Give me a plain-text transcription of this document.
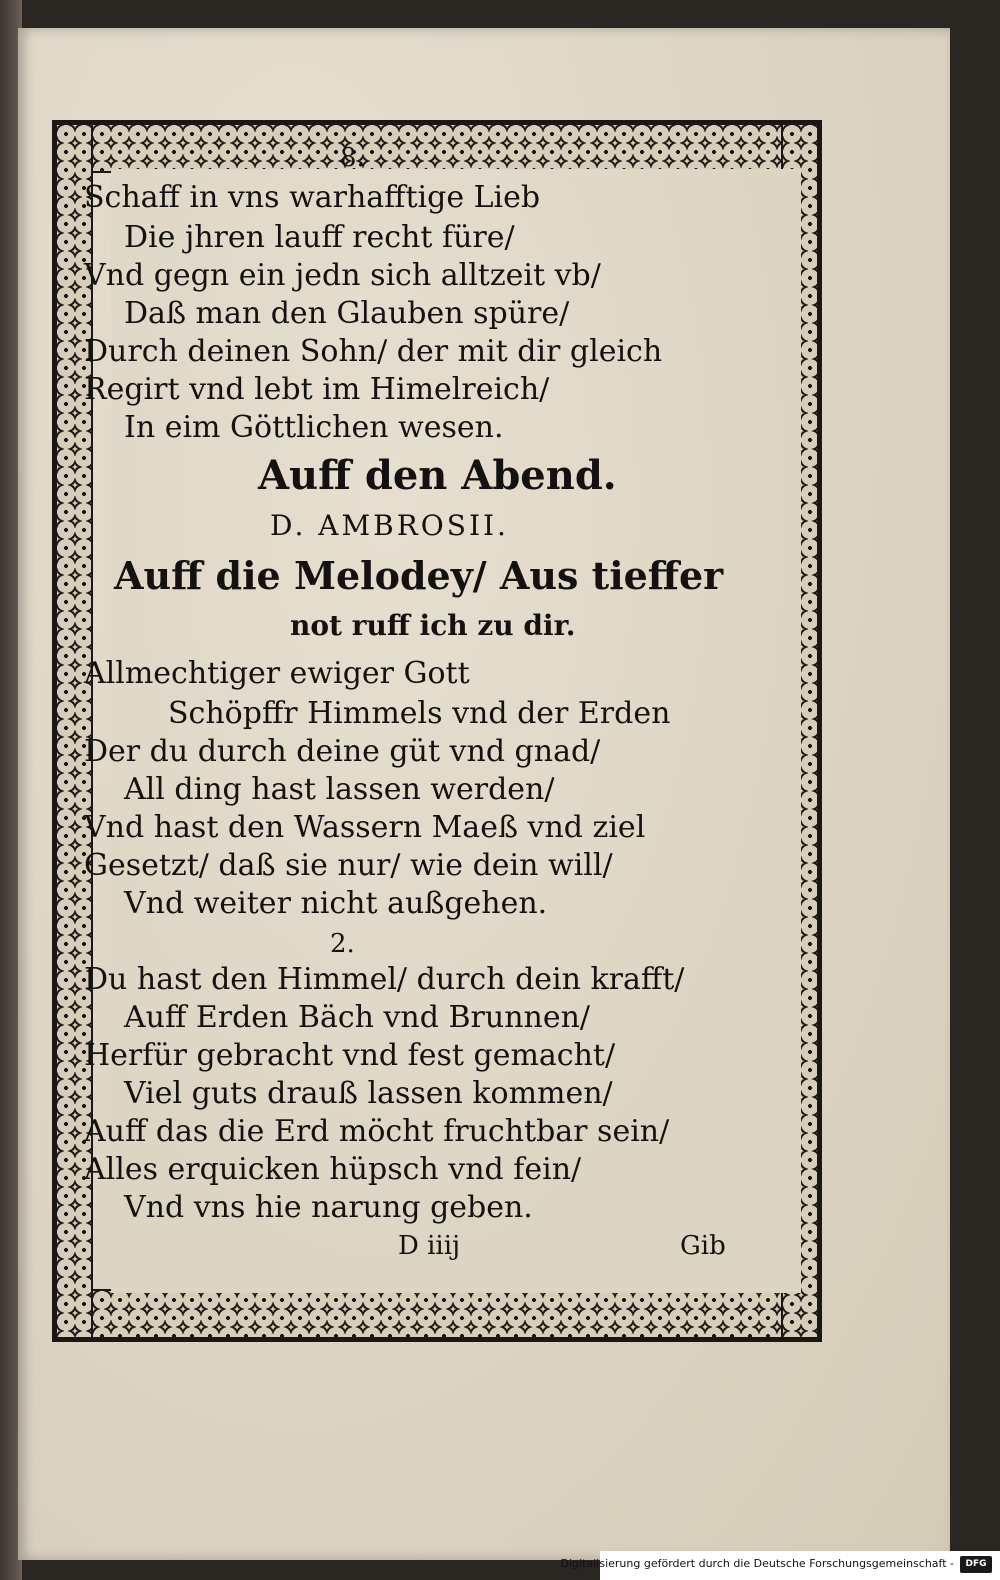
8.
Schaff in vns warhafftige Lieb
Die jhren lauff recht füre/
Vnd gegn ein jedn sich alltzeit vb/
Daß man den Glauben spüre/
Durch deinen Sohn/ der mit dir gleich
Regirt vnd lebt im Himelreich/
In eim Göttlichen wesen.
Auff den Abend.
D. AMBROSII.
Auff die Melodey/ Aus tieffer
not ruff ich zu dir.
Allmechtiger ewiger Gott
Schöpffr Himmels vnd der Erden
Der du durch deine güt vnd gnad/
All ding hast lassen werden/
Vnd hast den Wassern Maeß vnd ziel
Gesetzt/ daß sie nur/ wie dein will/
Vnd weiter nicht außgehen.
2.
Du hast den Himmel/ durch dein krafft/
Auff Erden Bäch vnd Brunnen/
Herfür gebracht vnd fest gemacht/
Viel guts drauß lassen kommen/
Auff das die Erd möcht fruchtbar sein/
Alles erquicken hüpsch vnd fein/
Vnd vns hie narung geben.
D iiij	Gib
Digitalisierung gefördert durch die Deutsche Forschungsgemeinschaft -	DFG
